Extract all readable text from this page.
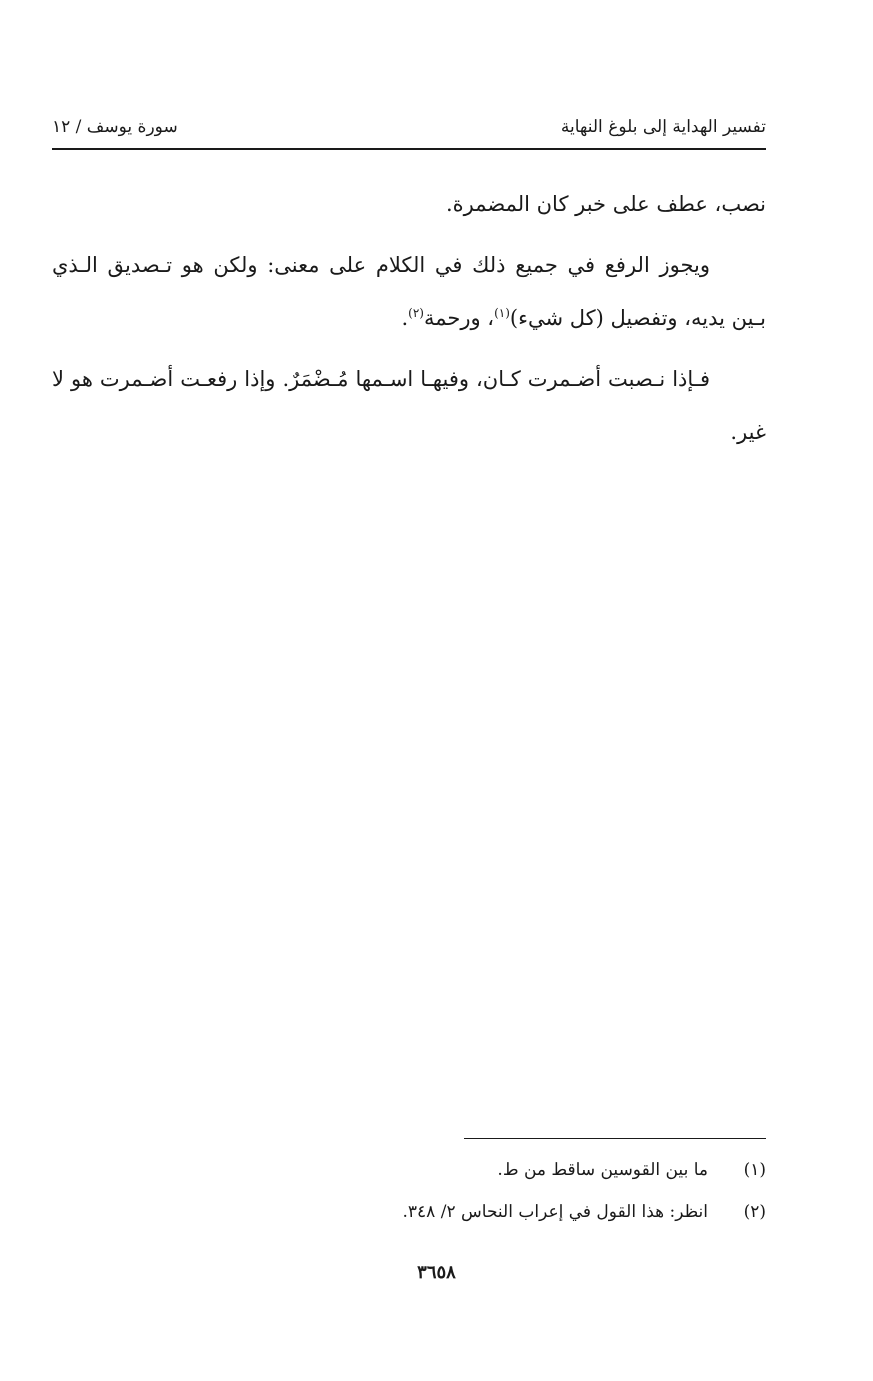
تفسير الهداية إلى بلوغ النهاية
سورة يوسف / ١٢

نصب، عطف على خبر كان المضمرة.

ويجوز الرفع في جميع ذلك في الكلام على معنى: ولكن هو تـصديق الـذي بـين يديه، وتفصيل (كل شيء)$^{(١)}$، ورحمة$^{(٢)}$.

فـإذا نـصبت أضـمرت كـان، وفيهـا اسـمها مُـضْمَرٌ. وإذا رفعـت أضـمرت هو لا غير.

(١)
ما بين القوسين ساقط من ط.
(٢)
انظر: هذا القول في إعراب النحاس ٢/ ٣٤٨.
٣٦٥٨
